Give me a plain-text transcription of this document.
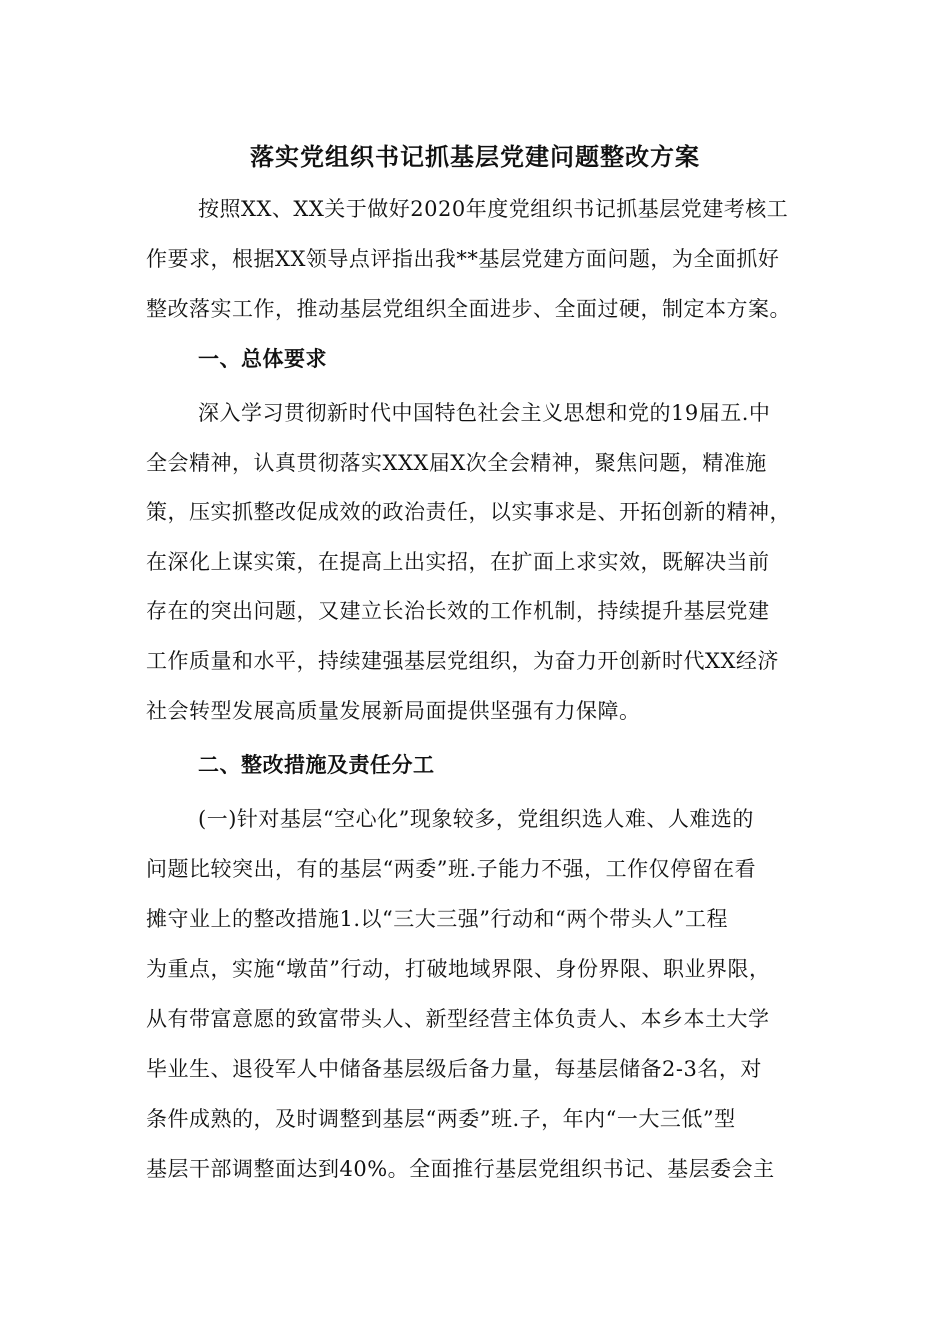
落实党组织书记抓基层党建问题整改方案
按照XX、XX关于做好2020年度党组织书记抓基层党建考核工
作要求，根据XX领导点评指出我**基层党建方面问题，为全面抓好
整改落实工作，推动基层党组织全面进步、全面过硬，制定本方案。
一、总体要求
深入学习贯彻新时代中国特色社会主义思想和党的19届五.中
全会精神，认真贯彻落实XXX届X次全会精神，聚焦问题，精准施
策，压实抓整改促成效的政治责任，以实事求是、开拓创新的精神，
在深化上谋实策，在提高上出实招，在扩面上求实效，既解决当前
存在的突出问题，又建立长治长效的工作机制，持续提升基层党建
工作质量和水平，持续建强基层党组织，为奋力开创新时代XX经济
社会转型发展高质量发展新局面提供坚强有力保障。
二、整改措施及责任分工
(一)针对基层“空心化”现象较多，党组织选人难、人难选的
问题比较突出，有的基层“两委”班.子能力不强，工作仅停留在看
摊守业上的整改措施1.以“三大三强”行动和“两个带头人”工程
为重点，实施“墩苗”行动，打破地域界限、身份界限、职业界限，
从有带富意愿的致富带头人、新型经营主体负责人、本乡本土大学
毕业生、退役军人中储备基层级后备力量，每基层储备2-3名，对
条件成熟的，及时调整到基层“两委”班.子，年内“一大三低”型
基层干部调整面达到40%。全面推行基层党组织书记、基层委会主
